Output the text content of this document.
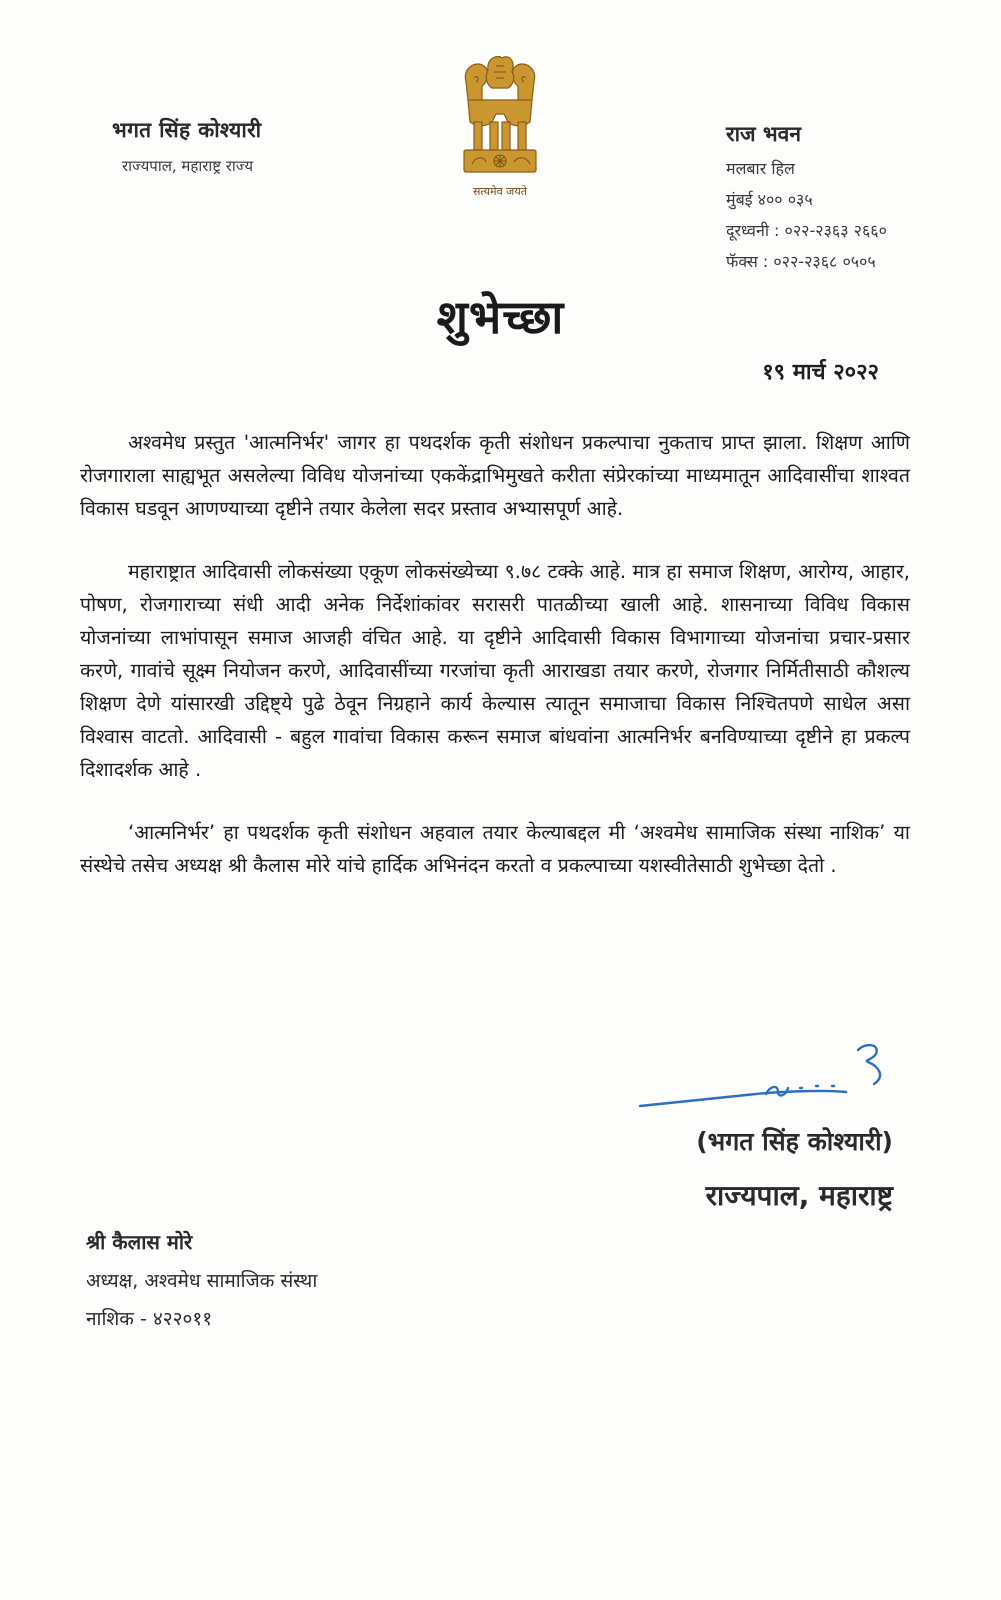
भगत सिंह कोश्यारी
राज्यपाल, महाराष्ट्र राज्य
सत्यमेव जयते
राज भवन
मलबार हिल
मुंबई ४०० ०३५
दूरध्वनी : ०२२-२३६३ २६६०
फॅक्स : ०२२-२३६८ ०५०५
शुभेच्छा
१९ मार्च २०२२

अश्वमेध प्रस्तुत 'आत्मनिर्भर' जागर हा पथदर्शक कृती संशोधन प्रकल्पाचा नुकताच प्राप्त झाला. शिक्षण आणि रोजगाराला साह्यभूत असलेल्या विविध योजनांच्या एककेंद्राभिमुखते करीता संप्रेरकांच्या माध्यमातून आदिवासींचा शाश्वत विकास घडवून आणण्याच्या दृष्टीने तयार केलेला सदर प्रस्ताव अभ्यासपूर्ण आहे.

महाराष्ट्रात आदिवासी लोकसंख्या एकूण लोकसंख्येच्या ९.७८ टक्के आहे. मात्र हा समाज शिक्षण, आरोग्य, आहार, पोषण, रोजगाराच्या संधी आदी अनेक निर्देशांकांवर सरासरी पातळीच्या खाली आहे. शासनाच्या विविध विकास योजनांच्या लाभांपासून समाज आजही वंचित आहे. या दृष्टीने आदिवासी विकास विभागाच्या योजनांचा प्रचार-प्रसार करणे, गावांचे सूक्ष्म नियोजन करणे, आदिवासींच्या गरजांचा कृती आराखडा तयार करणे, रोजगार निर्मितीसाठी कौशल्य शिक्षण देणे यांसारखी उद्दिष्ट्ये पुढे ठेवून निग्रहाने कार्य केल्यास त्यातून समाजाचा विकास निश्चितपणे साधेल असा विश्वास वाटतो. आदिवासी - बहुल गावांचा विकास करून समाज बांधवांना आत्मनिर्भर बनविण्याच्या दृष्टीने हा प्रकल्प दिशादर्शक आहे .

‘आत्मनिर्भर’ हा पथदर्शक कृती संशोधन अहवाल तयार केल्याबद्दल मी ‘अश्वमेध सामाजिक संस्था नाशिक’ या संस्थेचे तसेच अध्यक्ष श्री कैलास मोरे यांचे हार्दिक अभिनंदन करतो व प्रकल्पाच्या यशस्वीतेसाठी शुभेच्छा देतो .

(भगत सिंह कोश्यारी)
राज्यपाल, महाराष्ट्र
श्री कैलास मोरे
अध्यक्ष, अश्वमेध सामाजिक संस्था
नाशिक - ४२२०११
